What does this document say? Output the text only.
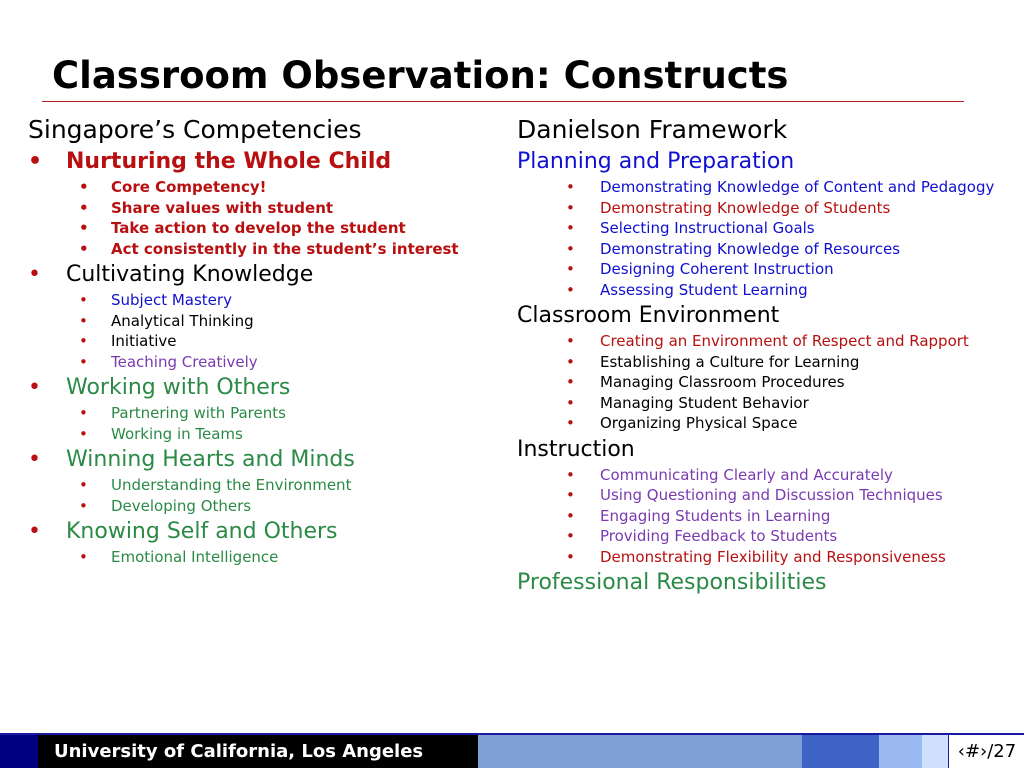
Classroom Observation: Constructs
Singapore’s Competencies
• Nurturing the Whole Child
• Core Competency!
• Share values with student
• Take action to develop the student
• Act consistently in the student’s interest
• Cultivating Knowledge
• Subject Mastery
• Analytical Thinking
• Initiative
• Teaching Creatively
• Working with Others
• Partnering with Parents
• Working in Teams
• Winning Hearts and Minds
• Understanding the Environment
• Developing Others
• Knowing Self and Others
• Emotional Intelligence
Danielson Framework
Planning and Preparation
• Demonstrating Knowledge of Content and Pedagogy
• Demonstrating Knowledge of Students
• Selecting Instructional Goals
• Demonstrating Knowledge of Resources
• Designing Coherent Instruction
• Assessing Student Learning
Classroom Environment
• Creating an Environment of Respect and Rapport
• Establishing a Culture for Learning
• Managing Classroom Procedures
• Managing Student Behavior
• Organizing Physical Space
Instruction
• Communicating Clearly and Accurately
• Using Questioning and Discussion Techniques
• Engaging Students in Learning
• Providing Feedback to Students
• Demonstrating Flexibility and Responsiveness
Professional Responsibilities
University of California, Los Angeles	‹#›/27
